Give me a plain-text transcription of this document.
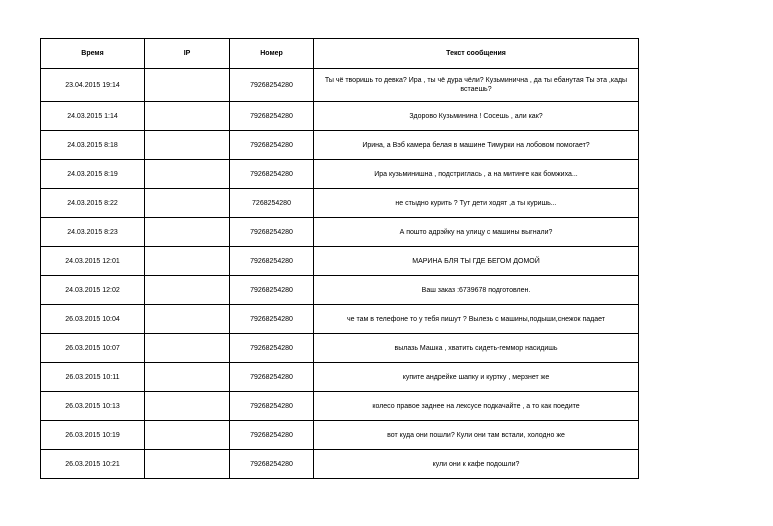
Время	IP	Номер	Текст сообщения
23.04.2015 19:14		79268254280	Ты чё творишь то девка? Ира , ты чё дура чёли? Кузьминична , да ты ебанутая Ты эта ,кады встаешь?
24.03.2015 1:14		79268254280	Здорово Кузьминина ! Сосешь , али как?
24.03.2015 8:18		79268254280	Ирина, а Вэб камера белая в машине Тимурки на лобовом помогает?
24.03.2015 8:19		79268254280	Ира кузьминишна , подстриглась , а на митинге как бомжиха...
24.03.2015 8:22		7268254280	не стыдно курить ? Тут дети ходят ,а ты куришь...
24.03.2015 8:23		79268254280	А пошто адрэйку на улицу с машины выгнали?
24.03.2015 12:01		79268254280	МАРИНА БЛЯ ТЫ ГДЕ БЕГОМ ДОМОЙ
24.03.2015 12:02		79268254280	Ваш заказ :6739678 подготовлен.
26.03.2015 10:04		79268254280	че там в телефоне то у тебя пишут ? Вылезь с машины,подыши,снежок падает
26.03.2015 10:07		79268254280	вылазь Машка , хватить сидеть-геммор насидишь
26.03.2015 10:11		79268254280	купите андрейке шапку и куртку , мерзнет же
26.03.2015 10:13		79268254280	колесо правое заднее на лексусе подкачайте , а то как поедите
26.03.2015 10:19		79268254280	вот куда они пошли? Кули они там встали, холодно же
26.03.2015 10:21		79268254280	кули они к кафе подошли?
